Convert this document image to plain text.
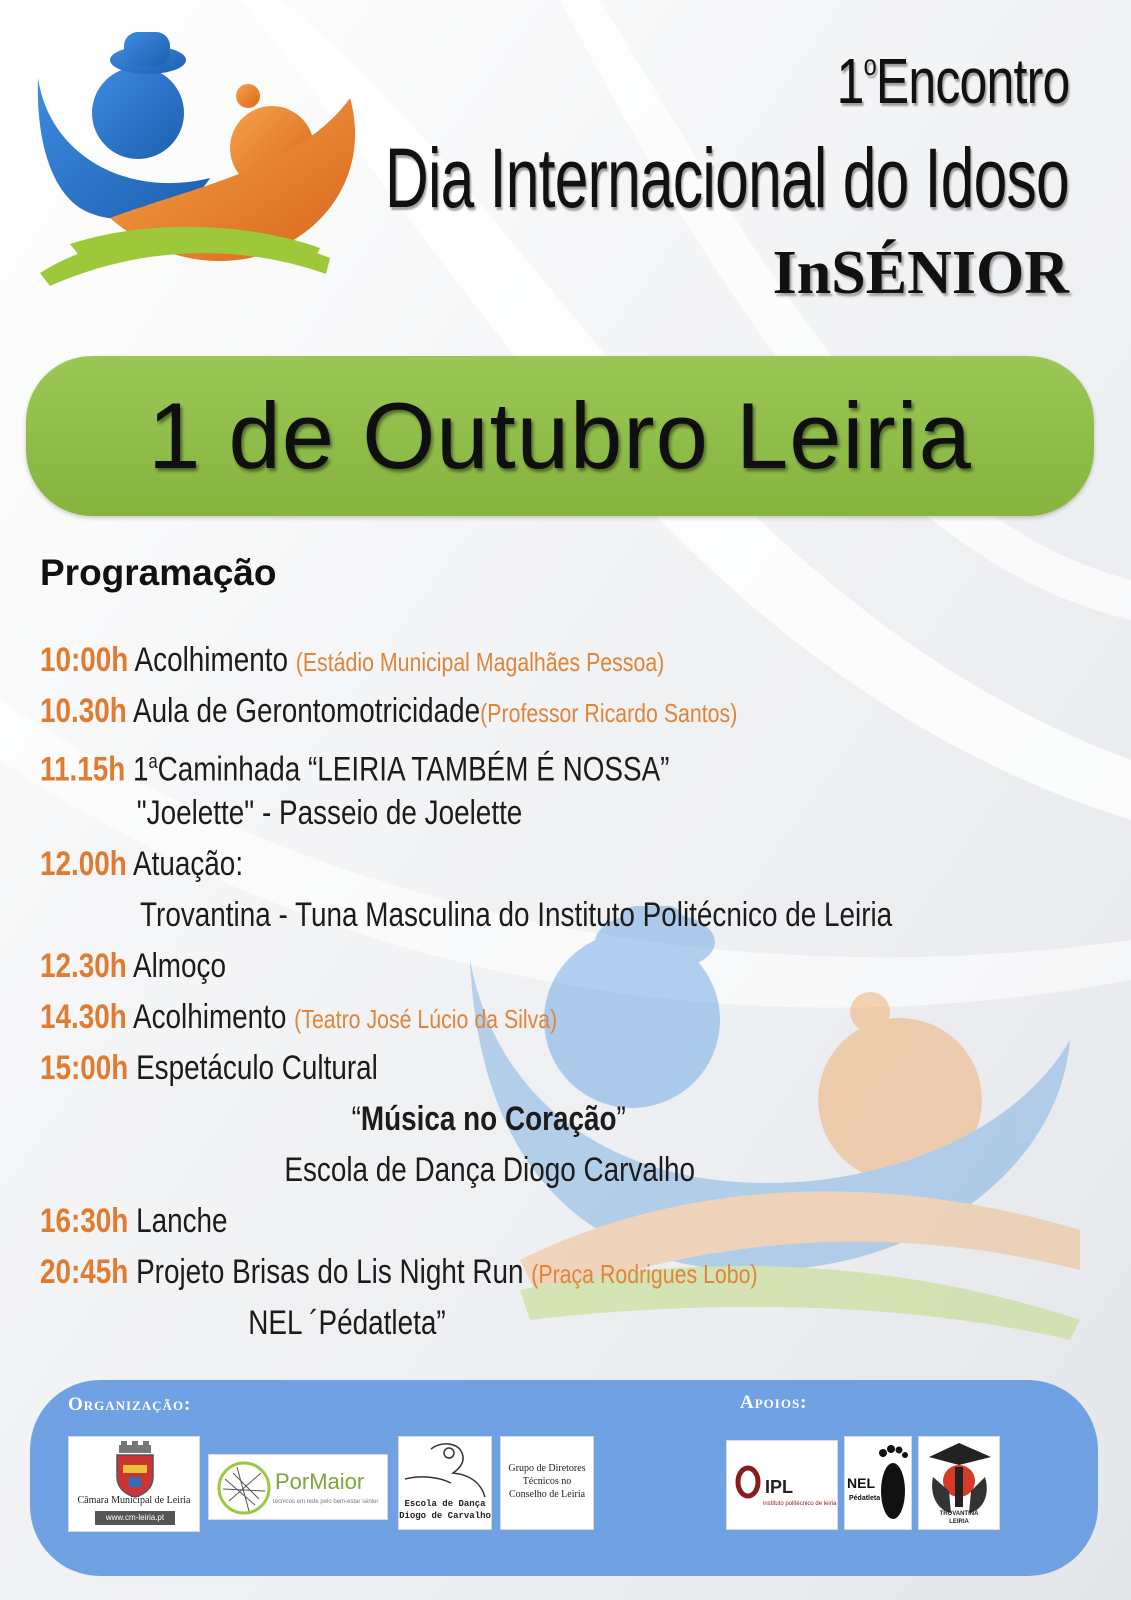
1$^o$Encontro
Dia Internacional do Idoso
InSÉNIOR
1 de Outubro Leiria
Programação
10:00h Acolhimento (Estádio Municipal Magalhães Pessoa)
10.30h Aula de Gerontomotricidade(Professor Ricardo Santos)
11.15h 1$^a$Caminhada “LEIRIA TAMBÉM É NOSSA”
"Joelette" - Passeio de Joelette
12.00h Atuação:
Trovantina - Tuna Masculina do Instituto Politécnico de Leiria
12.30h Almoço
14.30h Acolhimento (Teatro José Lúcio da Silva)
15:00h Espetáculo Cultural
“Música no Coração”
Escola de Dança Diogo Carvalho
16:30h Lanche
20:45h Projeto Brisas do Lis Night Run (Praça Rodrigues Lobo)
NEL ´Pédatleta”
Organização:	Apoios:
Câmara Municipal de Leiria
www.cm-leiria.pt
PorMaior
técnicos em rede pelo bem-estar sénior	Escola de Dança
Diogo de Carvalho
Grupo de Diretores
Técnicos no
Conselho de Leiria	IPL
instituto politécnico de leiria
NEL
Pédatleta
TROVANTINA
LEIRIA
